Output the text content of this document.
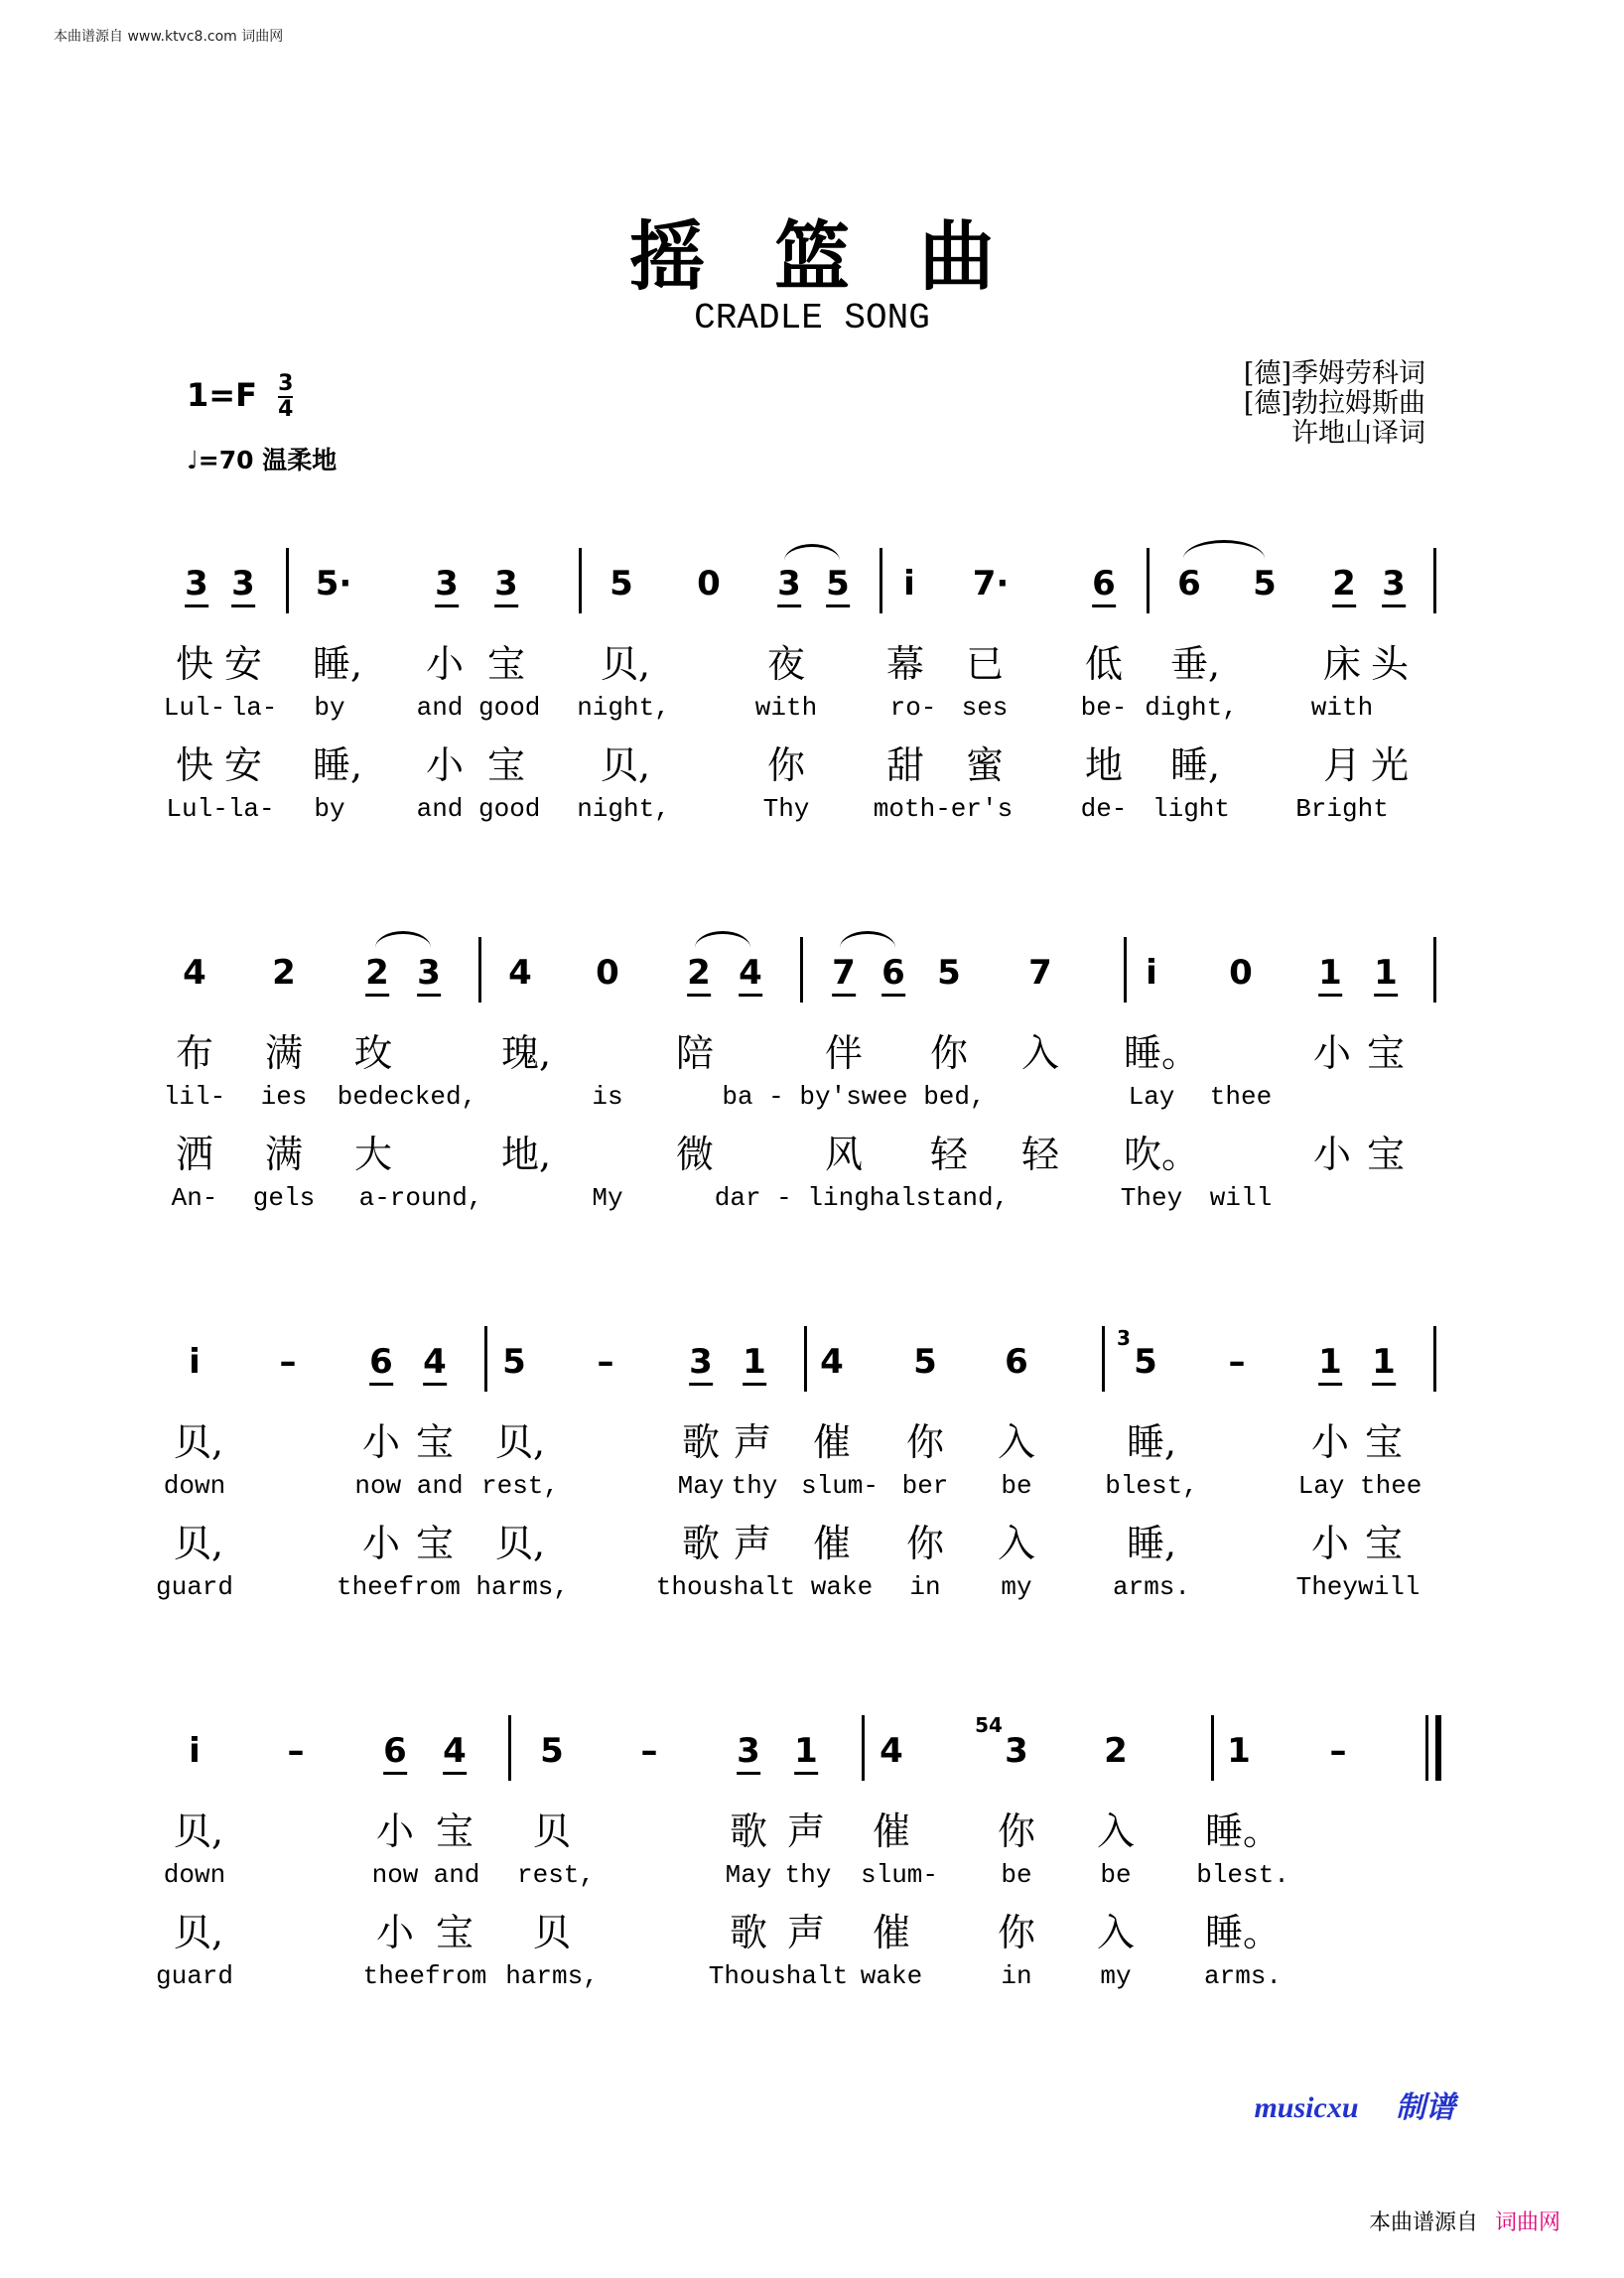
本曲谱源自 www.ktvc8.com 词曲网
摇篮曲
CRADLE SONG
$1=F \frac{3}{4}$
♩=70 温柔地
[德]季姆劳科词
[德]勃拉姆斯曲
许地山译词
3 3 5· 3 3	5 0 3 5 i 7· 6 6 5 2 3
快 安 睡, 小 宝 贝,	夜 幕 已 低 垂,	床 头
Lul- la- by	and good night,	with	ro- ses	be- dight,	with
快 安 睡, 小 宝 贝,	你 甜 蜜 地 睡,	月 光
Lul-la- by	and good night,	Thy moth-er's	de- light	Bright
4 2 2 3 4 0 2 4 7 6 5 7	i 0 1 1
布 满 玫	瑰,	陪	伴 你 入 睡。	小 宝
lil- ies bedecked,	is	ba - by'swee bed,	Lay thee
洒 满 大	地,	微	风 轻 轻 吹。	小 宝
An- gels a-round,	My	dar - linghalstand,	They will
i – 6 4 5 – 3 1 4 5 6
3
5 – 1 1
贝,	小 宝 贝,	歌 声 催 你 入 睡,	小 宝
down	now and rest,	May thy slum- ber be	blest,	Lay thee
贝,	小 宝 贝,	歌 声 催 你 入 睡,	小 宝
guard	theefrom harms,	thoushalt wake in my	arms.	Theywill
i	– 6 4 5 – 3 1 4
54
3 2	1 –
贝,	小 宝 贝	歌 声 催 你 入 睡。
down	now and rest,	May thy slum- be	be	blest.
贝,	小 宝 贝	歌 声 催 你 入 睡。
guard	theefrom harms,	Thoushalt wake	in	my	arms.
musicxu 制谱
本曲谱源自 词曲网
